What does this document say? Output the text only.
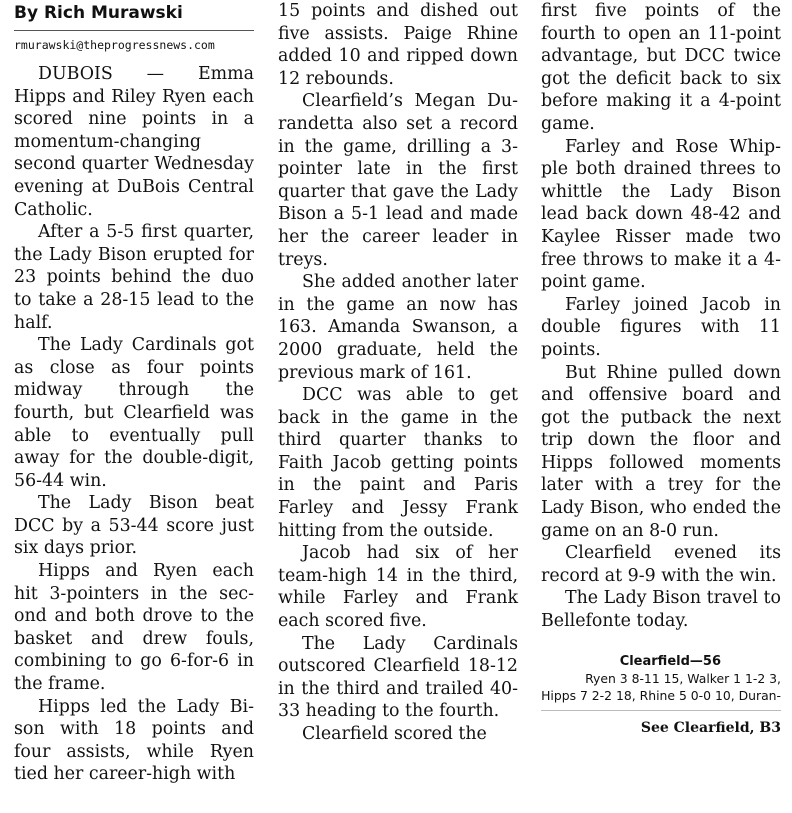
By Rich Murawski
rmurawski@theprogressnews.com

DUBOIS — Emma Hipps and Riley Ryen each scored nine points in a momentum-changing second quarter Wednesday evening at DuBois Central Catholic.

After a 5-5 first quarter, the Lady Bison erupted for 23 points behind the duo to take a 28-15 lead to the half.

The Lady Cardinals got as close as four points midway through the fourth, but Clearfield was able to eventually pull away for the double-digit, 56-44 win.

The Lady Bison beat DCC by a 53-44 score just six days prior.

Hipps and Ryen each hit 3-pointers in the second and both drove to the basket and drew fouls, combining to go 6-for-6 in the frame.

Hipps led the Lady Bison with 18 points and four assists, while Ryen tied her career-high with

15 points and dished out five assists. Paige Rhine added 10 and ripped down 12 rebounds.

Clearfield’s Megan Durandetta also set a record in the game, drilling a 3-pointer late in the first quarter that gave the Lady Bison a 5-1 lead and made her the career leader in treys.

She added another later in the game an now has 163. Amanda Swanson, a 2000 graduate, held the previous mark of 161.

DCC was able to get back in the game in the third quarter thanks to Faith Jacob getting points in the paint and Paris Farley and Jessy Frank hitting from the outside.

Jacob had six of her team-high 14 in the third, while Farley and Frank each scored five.

The Lady Cardinals outscored Clearfield 18-12 in the third and trailed 40-33 heading to the fourth.

Clearfield scored the

first five points of the fourth to open an 11-point advantage, but DCC twice got the deficit back to six before making it a 4-point game.

Farley and Rose Whipple both drained threes to whittle the Lady Bison lead back down 48-42 and Kaylee Risser made two free throws to make it a 4-point game.

Farley joined Jacob in double figures with 11 points.

But Rhine pulled down and offensive board and got the putback the next trip down the floor and Hipps followed moments later with a trey for the Lady Bison, who ended the game on an 8-0 run.

Clearfield evened its record at 9-9 with the win.

The Lady Bison travel to Bellefonte today.

Clearfield—56
Ryen 3 8-11 15, Walker 1 1-2 3,
Hipps 7 2-2 18, Rhine 5 0-0 10, Duran-
See Clearfield, B3
